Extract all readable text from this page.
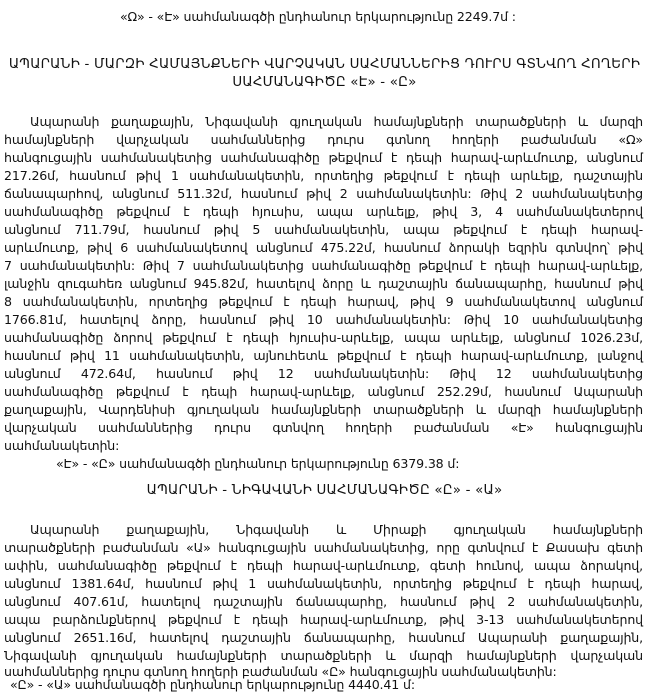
«Ω» - «Է» սահմանագծի ընդհանուր երկարությունը 2249.7մ :
ԱՊԱՐԱՆԻ - ՄԱՐԶԻ ՀԱՄԱՅՆՔՆԵՐԻ ՎԱՐՉԱԿԱՆ ՍԱՀՄԱՆՆԵՐԻՑ ԴՈՒՐՍ ԳՏՆՎՈՂ ՀՈՂԵՐԻ
ՍԱՀՄԱՆԱԳԻԾԸ «Է» - «Ը»
Ապարանի քաղաքային, Նիգավանի գյուղական համայնքների տարածքների և մարզի
համայնքների վարչական սահմաններից դուրս գտնող հողերի բաժանման «Ω»
հանգուցային սահմանակետից սահմանագիծը թեքվում է դեպի հարավ-արևմուտք, անցնում
217.26մ, հասնում թիվ 1 սահմանակետին, որտեղից թեքվում է դեպի արևելք, դաշտային
ճանապարհով, անցնում 511.32մ, հասնում թիվ 2 սահմանակետին: Թիվ 2 սահմանակետից
սահմանագիծը թեքվում է դեպի հյուսիս, ապա արևելք, թիվ 3, 4 սահմանակետերով
անցնում 711.79մ, հասնում թիվ 5 սահմանակետին, ապա թեքվում է դեպի հարավ-
արևմուտք, թիվ 6 սահմանակետով անցնում 475.22մ, հասնում ձորակի եզրին գտնվող՝ թիվ
7 սահմանակետին: Թիվ 7 սահմանակետից սահմանագիծը թեքվում է դեպի հարավ-արևելք,
լանջին զուգահեռ անցնում 945.82մ, հատելով ձորը և դաշտային ճանապարհը, հասնում թիվ
8 սահմանակետին, որտեղից թեքվում է դեպի հարավ, թիվ 9 սահմանակետով անցնում
1766.81մ, հատելով ձորը, հասնում թիվ 10 սահմանակետին: Թիվ 10 սահմանակետից
սահմանագիծը ձորով թեքվում է դեպի հյուսիս-արևելք, ապա արևելք, անցնում 1026.23մ,
հասնում թիվ 11 սահմանակետին, այնուհետև թեքվում է դեպի հարավ-արևմուտք, լանջով
անցնում 472.64մ, հասնում թիվ 12 սահմանակետին: Թիվ 12 սահմանակետից
սահմանագիծը թեքվում է դեպի հարավ-արևելք, անցնում 252.29մ, հասնում Ապարանի
քաղաքային, Վարդենիսի գյուղական համայնքների տարածքների և մարզի համայնքների
վարչական սահմաններից դուրս գտնվող հողերի բաժանման «Է» հանգուցային
սահմանակետին:
«Է» - «Ը» սահմանագծի ընդհանուր երկարությունը 6379.38 մ:
ԱՊԱՐԱՆԻ - ՆԻԳԱՎԱՆԻ ՍԱՀՄԱՆԱԳԻԾԸ «Ը» - «Ա»
Ապարանի քաղաքային, Նիգավանի և Միրաքի գյուղական համայնքների
տարածքների բաժանման «Ա» հանգուցային սահմանակետից, որը գտնվում է Քասախ գետի
ափին, սահմանագիծը թեքվում է դեպի հարավ-արևմուտք, գետի հունով, ապա ձորակով,
անցնում 1381.64մ, հասնում թիվ 1 սահմանակետին, որտեղից թեքվում է դեպի հարավ,
անցնում 407.61մ, հատելով դաշտային ճանապարհը, հասնում թիվ 2 սահմանակետին,
ապա բարձունքներով թեքվում է դեպի հարավ-արևմուտք, թիվ 3-13 սահմանակետերով
անցնում 2651.16մ, հատելով դաշտային ճանապարհը, հասնում Ապարանի քաղաքային,
Նիգավանի գյուղական համայնքների տարածքների և մարզի համայնքների վարչական
սահմաններից դուրս գտնող հողերի բաժանման «Ը» հանգուցային սահմանակետին:
«Ը» - «Ա» սահմանագծի ընդհանուր երկարությունը 4440.41 մ:
